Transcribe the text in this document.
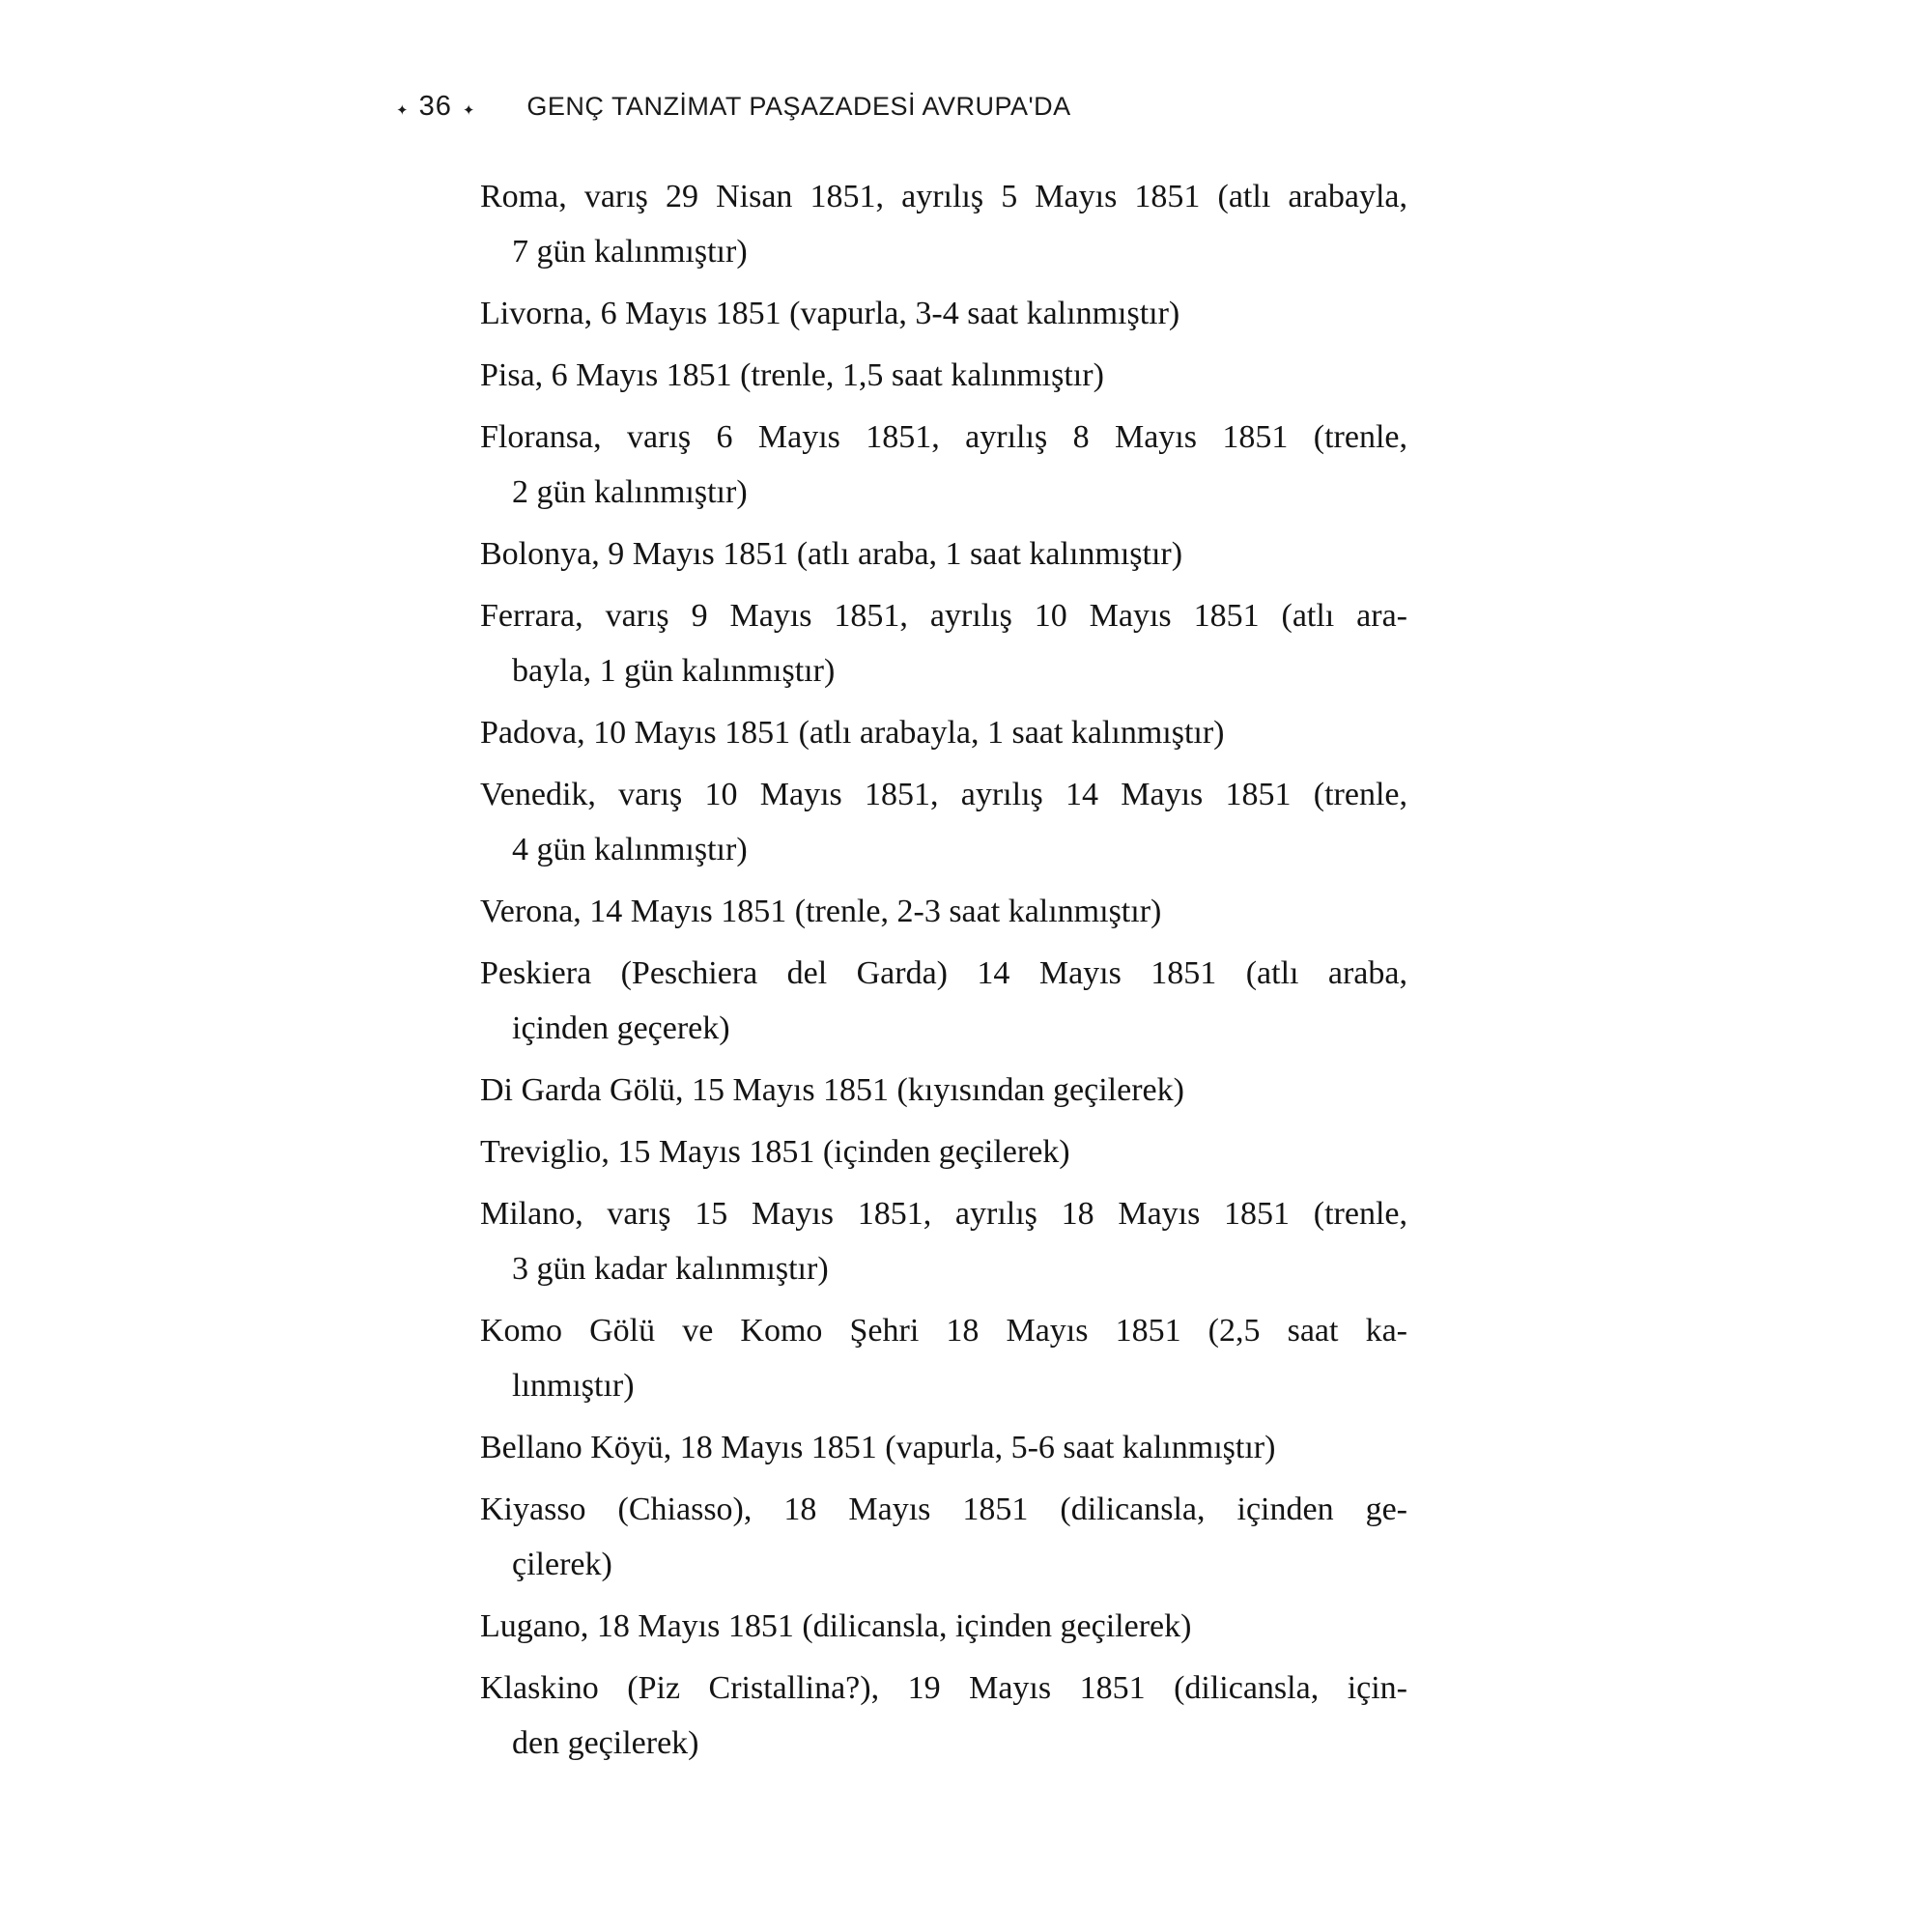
✦ 36 ✦ GENÇ TANZİMAT PAŞAZADESİ AVRUPA'DA
Roma, varış 29 Nisan 1851, ayrılış 5 Mayıs 1851 (atlı arabayla,
7 gün kalınmıştır)
Livorna, 6 Mayıs 1851 (vapurla, 3-4 saat kalınmıştır)
Pisa, 6 Mayıs 1851 (trenle, 1,5 saat kalınmıştır)
Floransa, varış 6 Mayıs 1851, ayrılış 8 Mayıs 1851 (trenle,
2 gün kalınmıştır)
Bolonya, 9 Mayıs 1851 (atlı araba, 1 saat kalınmıştır)
Ferrara, varış 9 Mayıs 1851, ayrılış 10 Mayıs 1851 (atlı ara-
bayla, 1 gün kalınmıştır)
Padova, 10 Mayıs 1851 (atlı arabayla, 1 saat kalınmıştır)
Venedik, varış 10 Mayıs 1851, ayrılış 14 Mayıs 1851 (trenle,
4 gün kalınmıştır)
Verona, 14 Mayıs 1851 (trenle, 2-3 saat kalınmıştır)
Peskiera (Peschiera del Garda) 14 Mayıs 1851 (atlı araba,
içinden geçerek)
Di Garda Gölü, 15 Mayıs 1851 (kıyısından geçilerek)
Treviglio, 15 Mayıs 1851 (içinden geçilerek)
Milano, varış 15 Mayıs 1851, ayrılış 18 Mayıs 1851 (trenle,
3 gün kadar kalınmıştır)
Komo Gölü ve Komo Şehri 18 Mayıs 1851 (2,5 saat ka-
lınmıştır)
Bellano Köyü, 18 Mayıs 1851 (vapurla, 5-6 saat kalınmıştır)
Kiyasso (Chiasso), 18 Mayıs 1851 (dilicansla, içinden ge-
çilerek)
Lugano, 18 Mayıs 1851 (dilicansla, içinden geçilerek)
Klaskino (Piz Cristallina?), 19 Mayıs 1851 (dilicansla, için-
den geçilerek)
